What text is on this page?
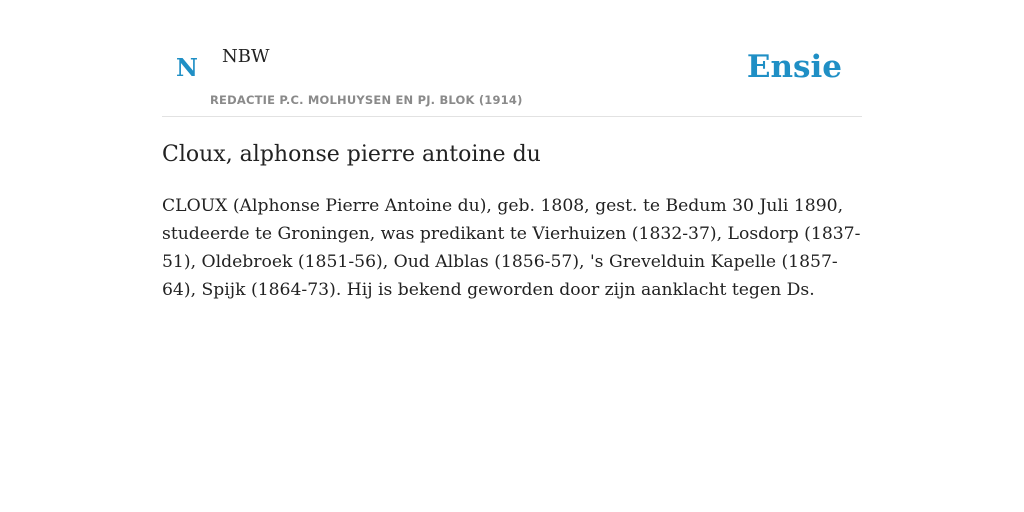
N NBW
REDACTIE P.C. MOLHUYSEN EN PJ. BLOK (1914)
Ensie
Cloux, alphonse pierre antoine du

CLOUX (Alphonse Pierre Antoine du), geb. 1808, gest. te Bedum 30 Juli 1890, studeerde te Groningen, was predikant te Vierhuizen (1832-37), Losdorp (1837-51), Oldebroek (1851-56), Oud Alblas (1856-57), 's Grevelduin Kapelle (1857-64), Spijk (1864-73). Hij is bekend geworden door zijn aanklacht tegen Ds.
